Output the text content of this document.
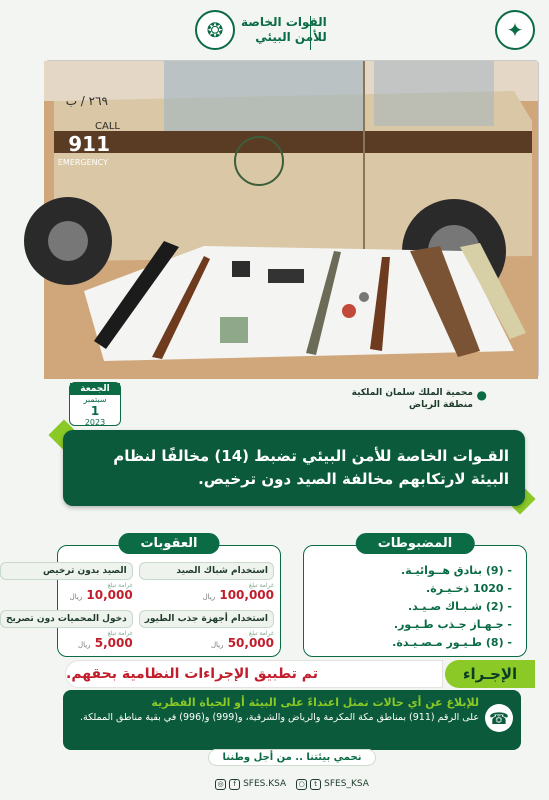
✦
القوات الخاصة
للأمن البيئي
❂
٢٦٩ / ب
CALL
911
EMERGENCY
الجمعة
سبتمبر
1
2023
●
محمية الملك سلمان الملكية
منطقة الرياض
القـوات الخاصة للأمن البيئي تضبط (14) مخالفًا لنظام البيئة لارتكابهم مخالفة الصيد دون ترخيص.
المضبوطات
- (9) بنادق هــوائيـة.
- 1020 ذخـيـرة.
- (2) شـبـاك صـيـد.
- جـهـاز جـذب طـيـور.
- (8) طـيـور مـصـيـدة.
العقوبات
استخدام شباك الصيد
غرامة تبلغ
100,000 ريال
الصيد بدون ترخيص
غرامة تبلغ
10,000 ريال
استخدام أجهزة جذب الطيور
غرامة تبلغ
50,000 ريال
دخول المحميات دون تصريح
غرامة تبلغ
5,000 ريال
الإجـراء
تم تطبيق الإجراءات النظامية بحقهم.
☎
للإبلاغ عن أي حالات تمثل اعتداءً على البيئة أو الحياة الفطرية
على الرقم (911) بمناطق مكة المكرمة والرياض والشرقية، و(999) و(996) في بقية مناطق المملكة.
نحمي بيئتنا .. من أجل وطننا
◎	f SFES.KSA	○	t SFES_KSA
